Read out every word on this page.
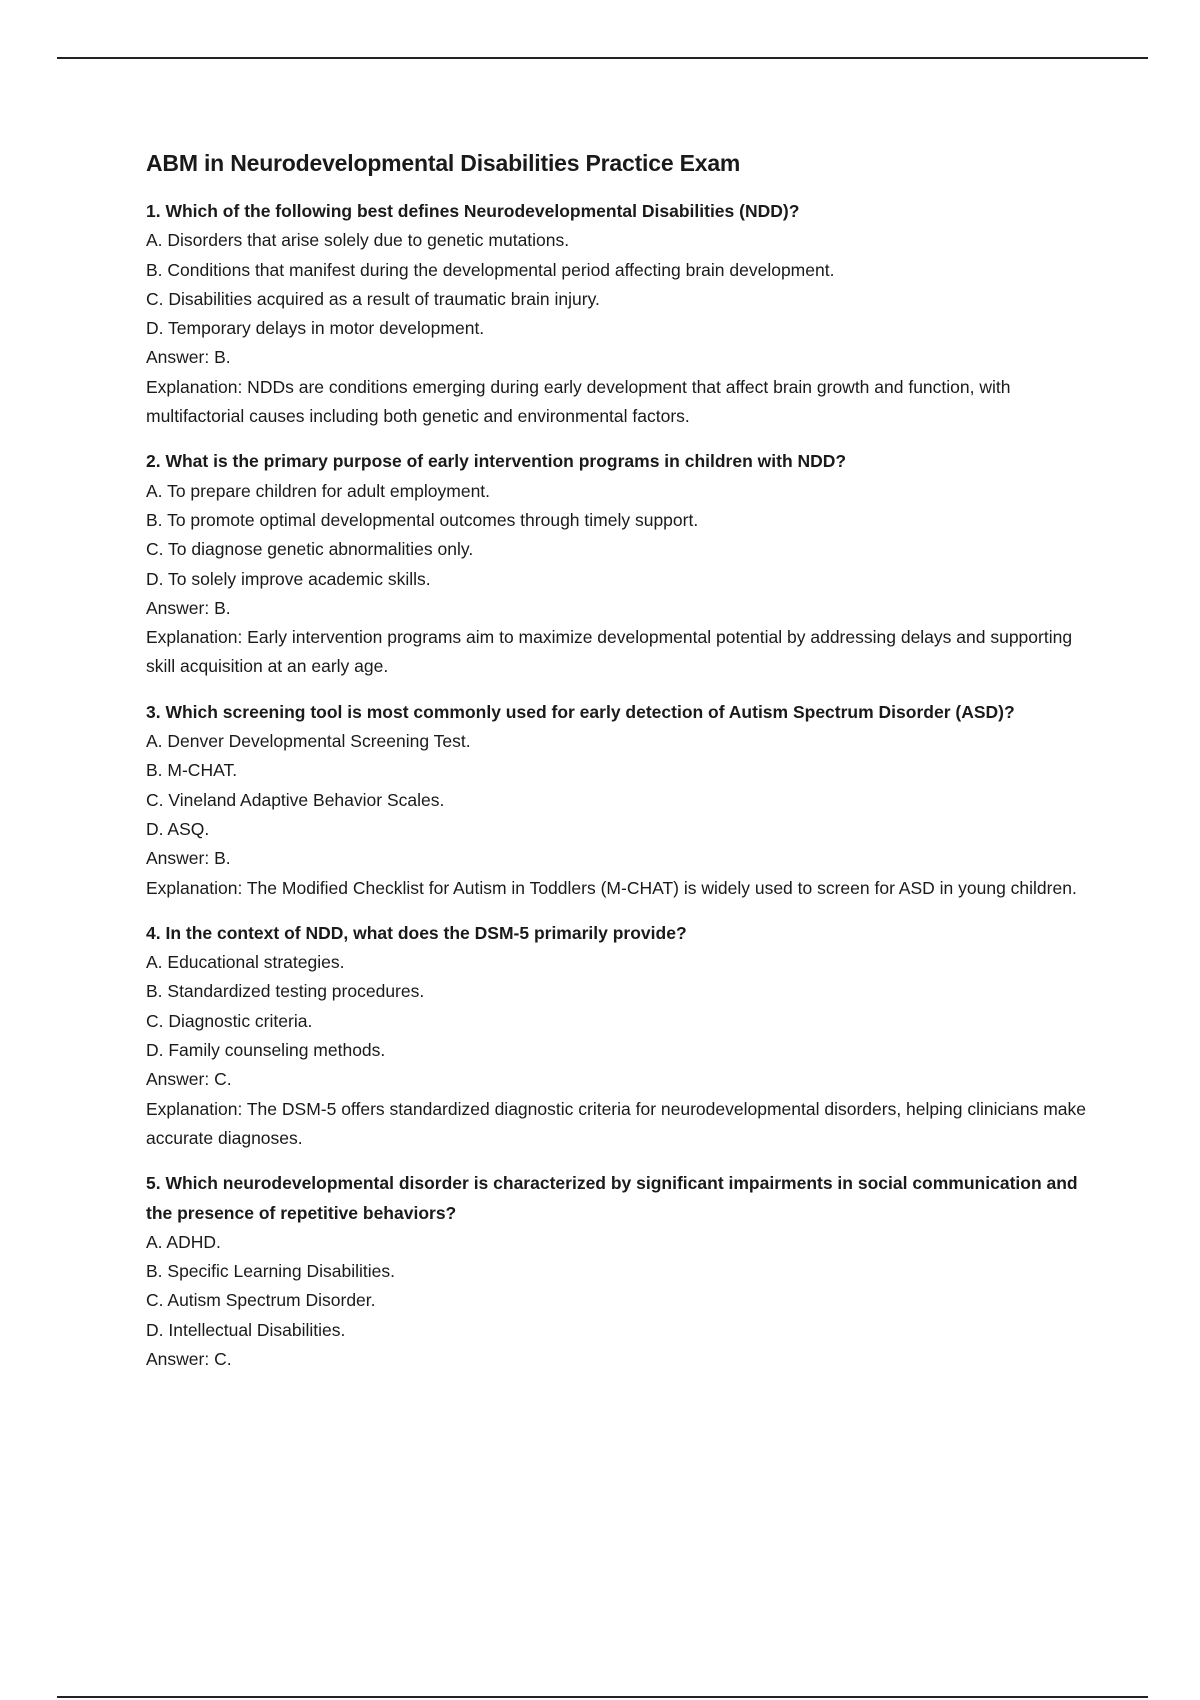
ABM in Neurodevelopmental Disabilities Practice Exam

1. Which of the following best defines Neurodevelopmental Disabilities (NDD)?

A. Disorders that arise solely due to genetic mutations.

B. Conditions that manifest during the developmental period affecting brain development.

C. Disabilities acquired as a result of traumatic brain injury.

D. Temporary delays in motor development.

Answer: B.

Explanation: NDDs are conditions emerging during early development that affect brain growth and function, with multifactorial causes including both genetic and environmental factors.

2. What is the primary purpose of early intervention programs in children with NDD?

A. To prepare children for adult employment.

B. To promote optimal developmental outcomes through timely support.

C. To diagnose genetic abnormalities only.

D. To solely improve academic skills.

Answer: B.

Explanation: Early intervention programs aim to maximize developmental potential by addressing delays and supporting skill acquisition at an early age.

3. Which screening tool is most commonly used for early detection of Autism Spectrum Disorder (ASD)?

A. Denver Developmental Screening Test.

B. M-CHAT.

C. Vineland Adaptive Behavior Scales.

D. ASQ.

Answer: B.

Explanation: The Modified Checklist for Autism in Toddlers (M-CHAT) is widely used to screen for ASD in young children.

4. In the context of NDD, what does the DSM-5 primarily provide?

A. Educational strategies.

B. Standardized testing procedures.

C. Diagnostic criteria.

D. Family counseling methods.

Answer: C.

Explanation: The DSM-5 offers standardized diagnostic criteria for neurodevelopmental disorders, helping clinicians make accurate diagnoses.

5. Which neurodevelopmental disorder is characterized by significant impairments in social communication and the presence of repetitive behaviors?

A. ADHD.

B. Specific Learning Disabilities.

C. Autism Spectrum Disorder.

D. Intellectual Disabilities.

Answer: C.
